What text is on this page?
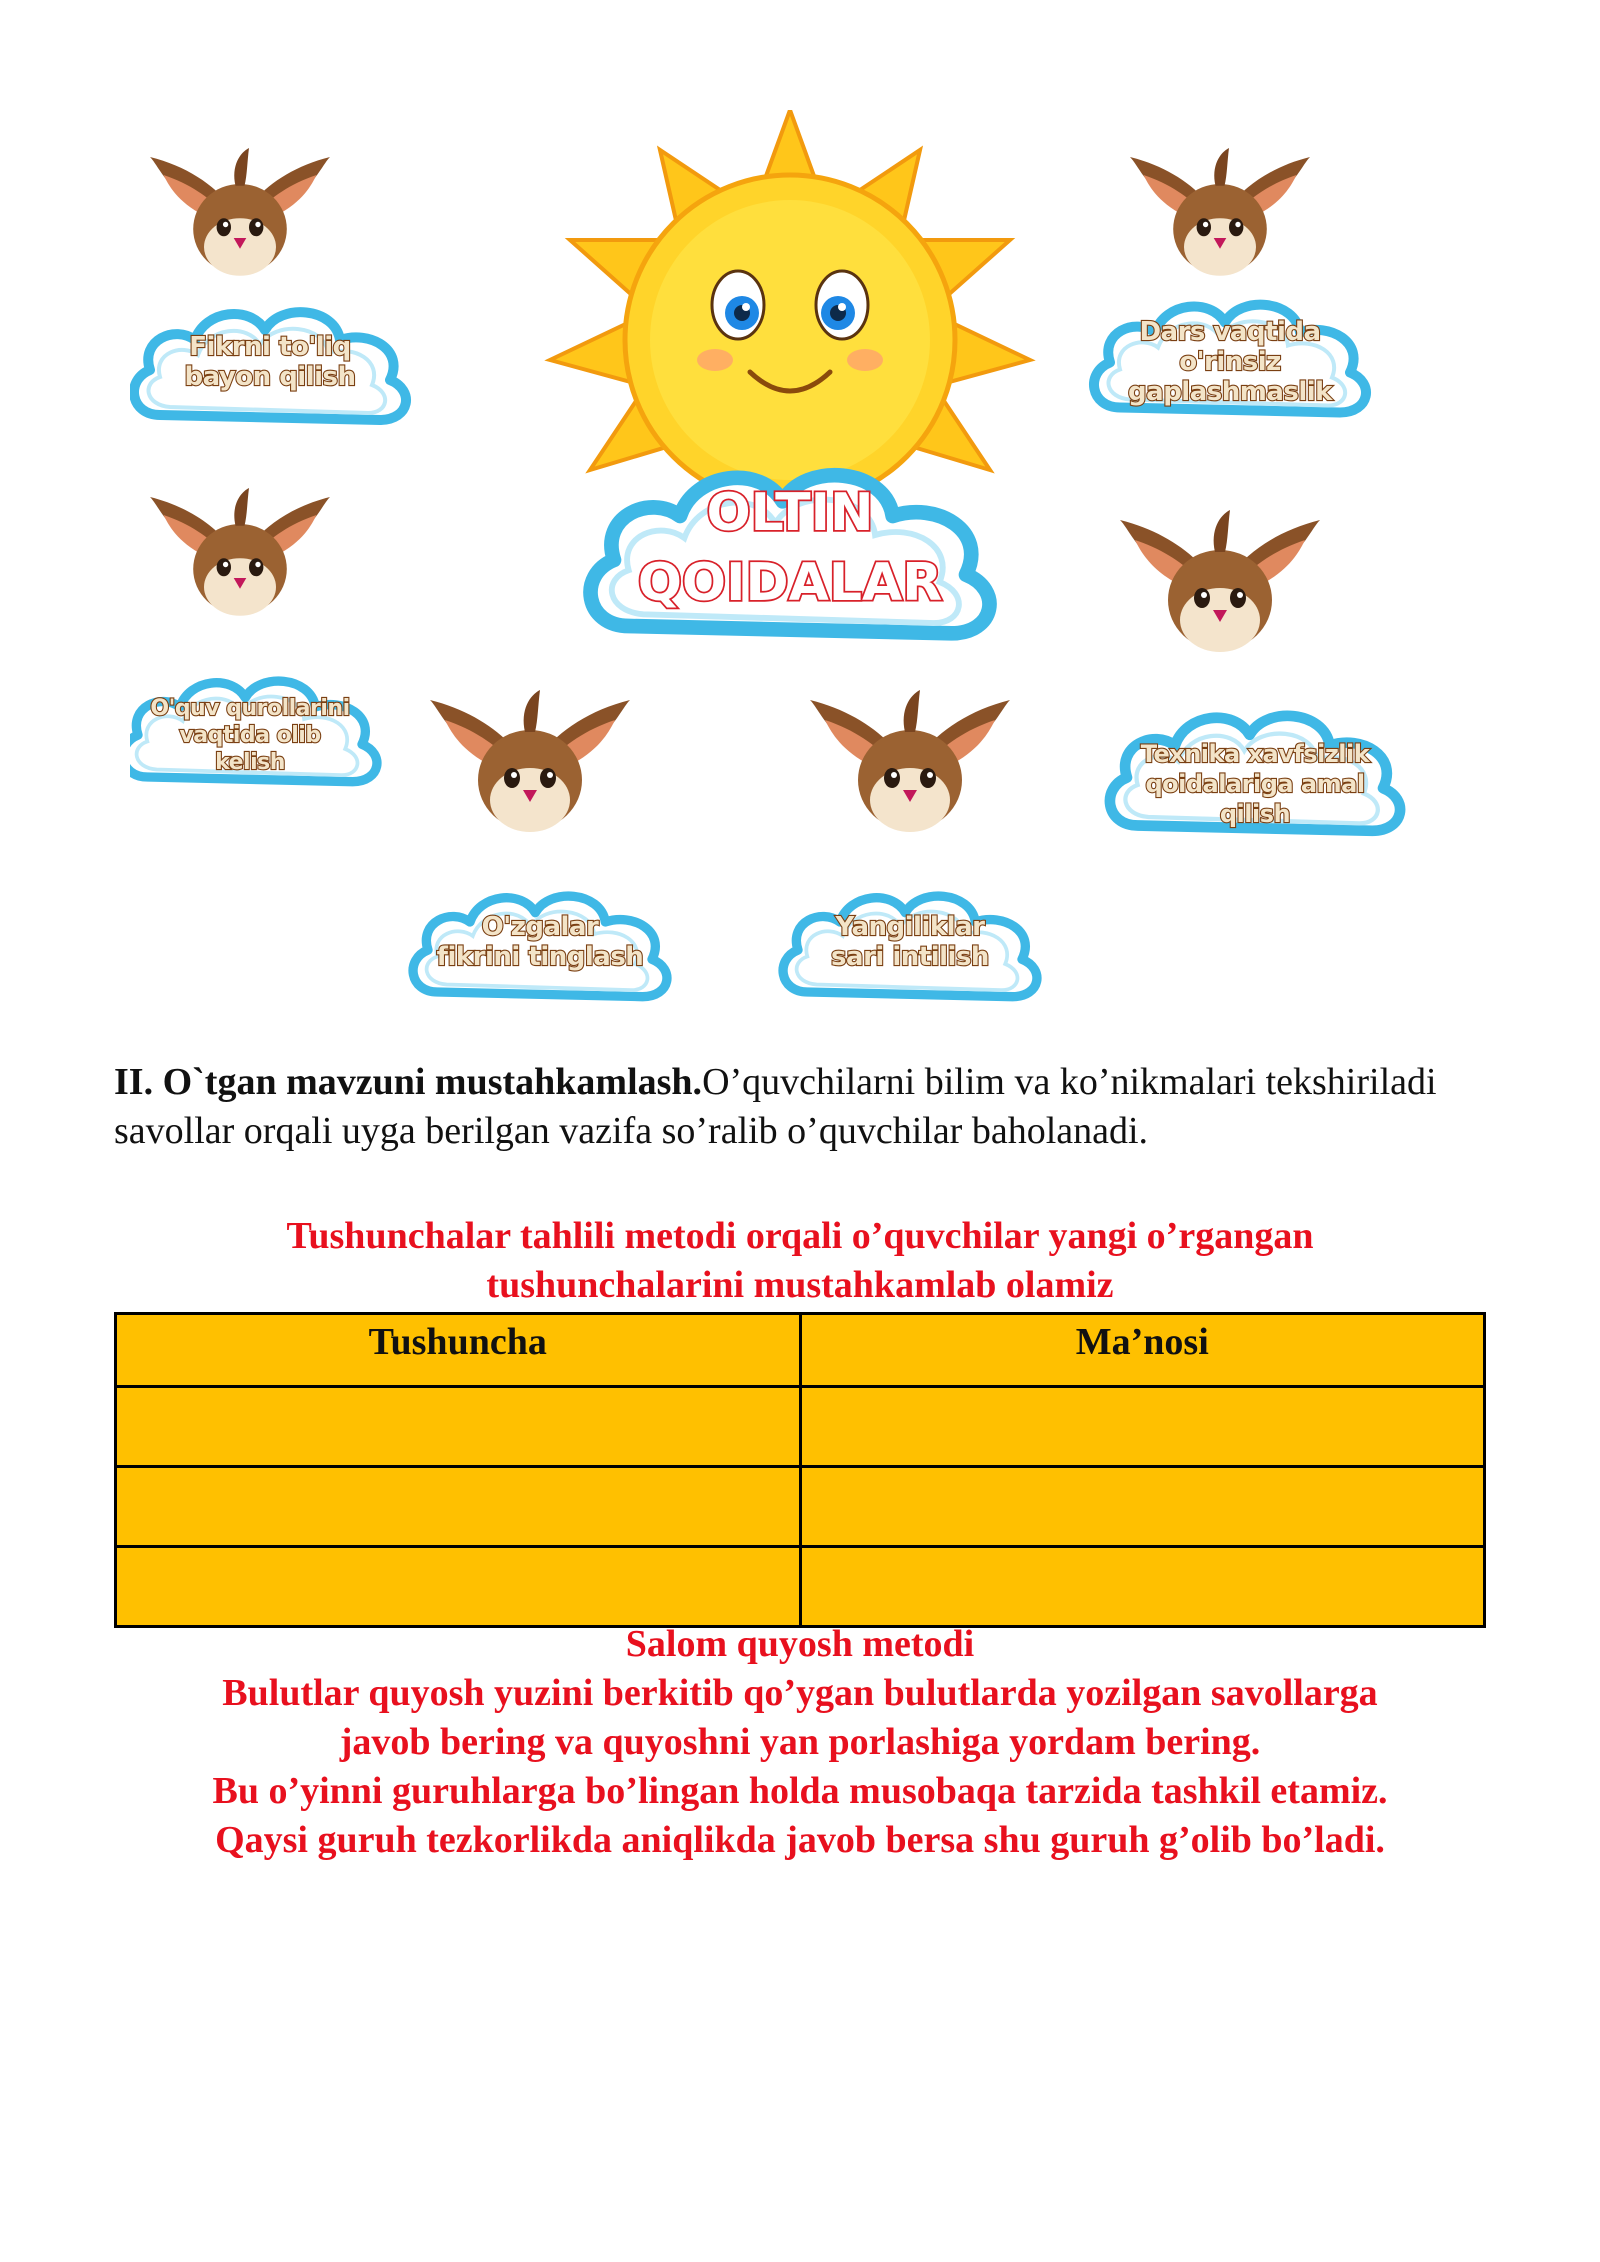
OLTIN
QOIDALAR
Fikrni to'liq
bayon qilish
Dars vaqtida
o'rinsiz
gaplashmaslik
O'quv qurollarini
vaqtida olib
kelish	Texnika xavfsizlik
qoidalariga amal
qilish
O'zgalar
fikrini tinglash
Yangiliklar
sari intilish
II. O`tgan mavzuni mustahkamlash.O’quvchilarni bilim va ko’nikmalari tekshiriladi savollar orqali uyga berilgan vazifa so’ralib o’quvchilar baholanadi.
Tushunchalar tahlili metodi orqali o’quvchilar yangi o’rgangan
tushunchalarini mustahkamlab olamiz
Tushuncha	Ma’nosi

Salom quyosh metodi
Bulutlar quyosh yuzini berkitib qo’ygan bulutlarda yozilgan savollarga
javob bering va quyoshni yan porlashiga yordam bering.
Bu o’yinni guruhlarga bo’lingan holda musobaqa tarzida tashkil etamiz.
Qaysi guruh tezkorlikda aniqlikda javob bersa shu guruh g’olib bo’ladi.
